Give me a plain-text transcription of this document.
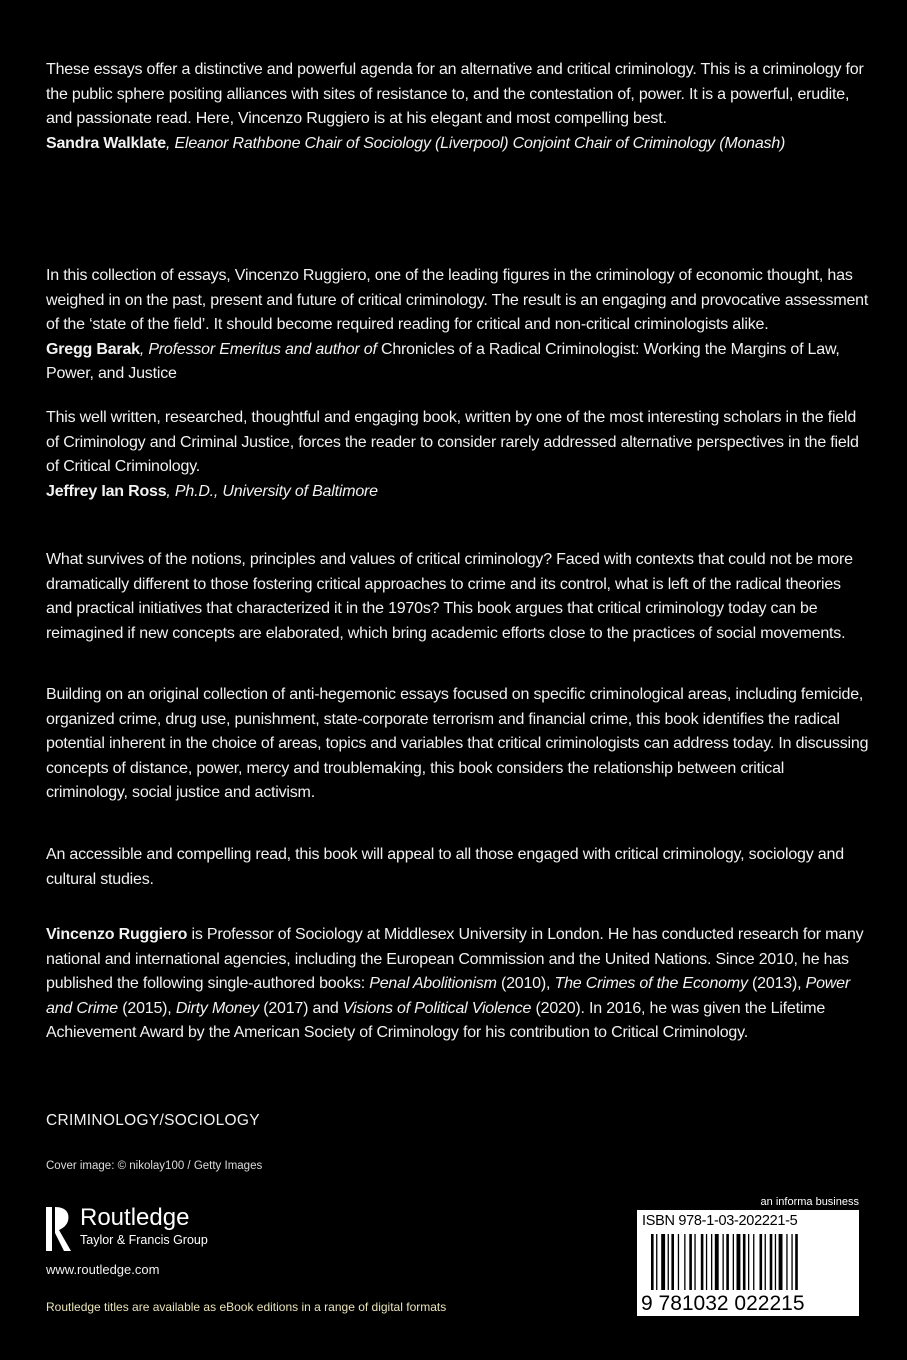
These essays offer a distinctive and powerful agenda for an alternative and critical criminology. This is a criminology for the public sphere positing alliances with sites of resistance to, and the contestation of, power. It is a powerful, erudite, and passionate read. Here, Vincenzo Ruggiero is at his elegant and most compelling best.
Sandra Walklate, Eleanor Rathbone Chair of Sociology (Liverpool) Conjoint Chair of Criminology (Monash)
In this collection of essays, Vincenzo Ruggiero, one of the leading figures in the criminology of economic thought, has weighed in on the past, present and future of critical criminology. The result is an engaging and provocative assessment of the ‘state of the field’. It should become required reading for critical and non-critical criminologists alike.
Gregg Barak, Professor Emeritus and author of Chronicles of a Radical Criminologist: Working the Margins of Law, Power, and Justice
This well written, researched, thoughtful and engaging book, written by one of the most interesting scholars in the field of Criminology and Criminal Justice, forces the reader to consider rarely addressed alternative perspectives in the field of Critical Criminology.
Jeffrey Ian Ross, Ph.D., University of Baltimore
What survives of the notions, principles and values of critical criminology? Faced with contexts that could not be more dramatically different to those fostering critical approaches to crime and its control, what is left of the radical theories and practical initiatives that characterized it in the 1970s? This book argues that critical criminology today can be reimagined if new concepts are elaborated, which bring academic efforts close to the practices of social movements.
Building on an original collection of anti-hegemonic essays focused on specific criminological areas, including femicide, organized crime, drug use, punishment, state-corporate terrorism and financial crime, this book identifies the radical potential inherent in the choice of areas, topics and variables that critical criminologists can address today. In discussing concepts of distance, power, mercy and troublemaking, this book considers the relationship between critical criminology, social justice and activism.
An accessible and compelling read, this book will appeal to all those engaged with critical criminology, sociology and cultural studies.
Vincenzo Ruggiero is Professor of Sociology at Middlesex University in London. He has conducted research for many national and international agencies, including the European Commission and the United Nations. Since 2010, he has published the following single-authored books: Penal Abolitionism (2010), The Crimes of the Economy (2013), Power and Crime (2015), Dirty Money (2017) and Visions of Political Violence (2020). In 2016, he was given the Lifetime Achievement Award by the American Society of Criminology for his contribution to Critical Criminology.
CRIMINOLOGY/SOCIOLOGY
Cover image: © nikolay100 / Getty Images
Routledge
Taylor & Francis Group
www.routledge.com
Routledge titles are available as eBook editions in a range of digital formats
an informa business
ISBN 978-1-03-202221-5
9 781032 022215
